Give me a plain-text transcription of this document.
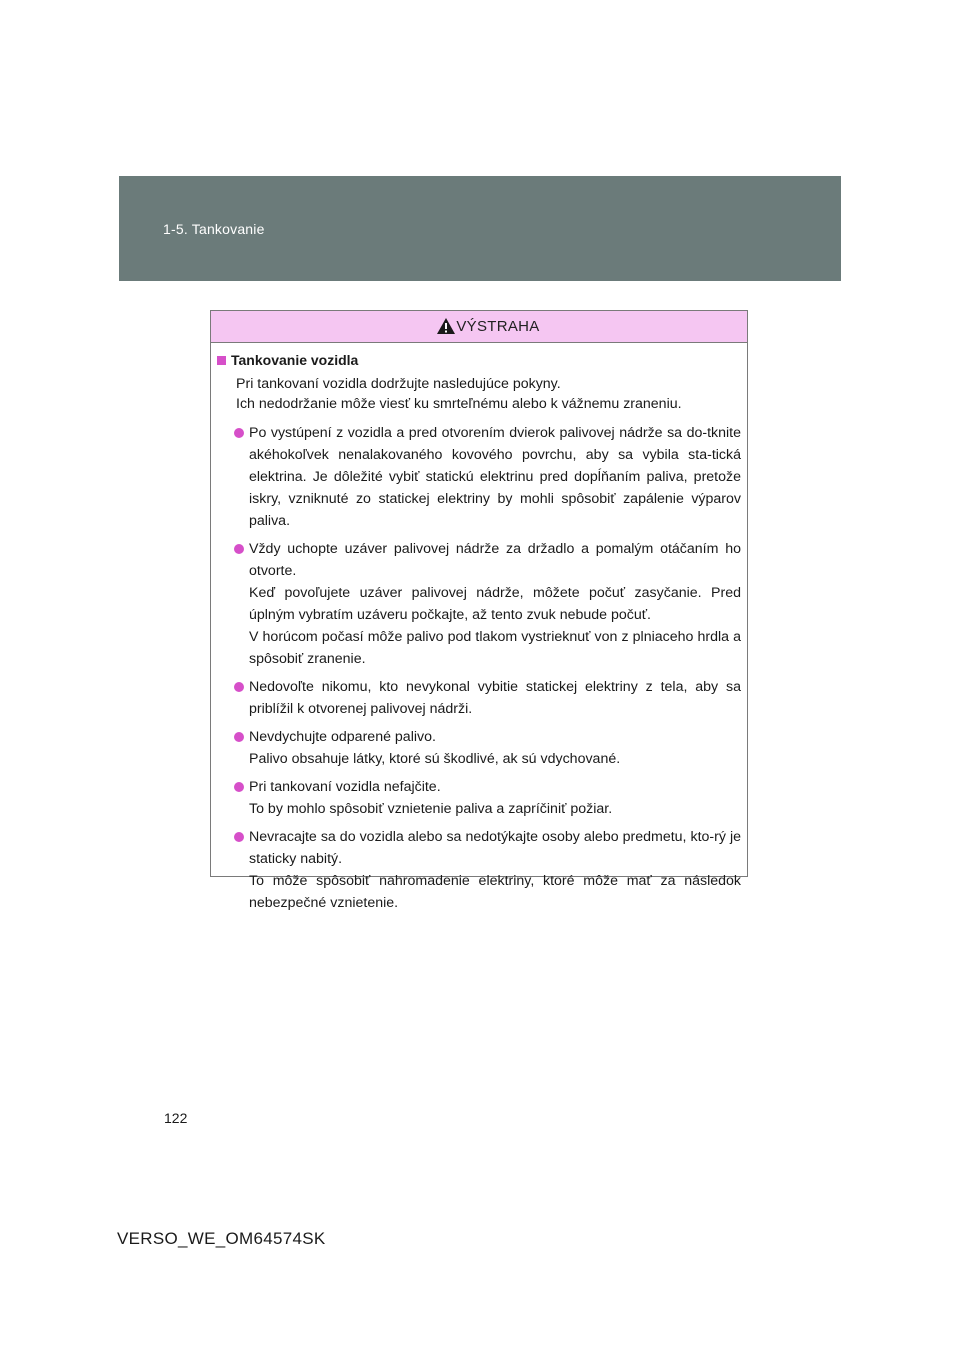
1-5. Tankovanie
VÝSTRAHA
Tankovanie vozidla
Pri tankovaní vozidla dodržujte nasledujúce pokyny.
Ich nedodržanie môže viesť ku smrteľnému alebo k vážnemu zraneniu.

Po vystúpení z vozidla a pred otvorením dvierok palivovej nádrže sa do-tknite akéhokoľvek nenalakovaného kovového povrchu, aby sa vybila sta-tická elektrina. Je dôležité vybiť statickú elektrinu pred dopĺňaním paliva, pretože iskry, vzniknuté zo statickej elektriny by mohli spôsobiť zapálenie výparov paliva.

Vždy uchopte uzáver palivovej nádrže za držadlo a pomalým otáčaním ho otvorte.

Keď povoľujete uzáver palivovej nádrže, môžete počuť zasyčanie. Pred úplným vybratím uzáveru počkajte, až tento zvuk nebude počuť.

V horúcom počasí môže palivo pod tlakom vystrieknuť von z plniaceho hrdla a spôsobiť zranenie.

Nedovoľte nikomu, kto nevykonal vybitie statickej elektriny z tela, aby sa priblížil k otvorenej palivovej nádrži.

Nevdychujte odparené palivo.

Palivo obsahuje látky, ktoré sú škodlivé, ak sú vdychované.

Pri tankovaní vozidla nefajčite.

To by mohlo spôsobiť vznietenie paliva a zapríčiniť požiar.

Nevracajte sa do vozidla alebo sa nedotýkajte osoby alebo predmetu, kto-rý je staticky nabitý.

To môže spôsobiť nahromadenie elektriny, ktoré môže mať za následok nebezpečné vznietenie.

122
VERSO_WE_OM64574SK
